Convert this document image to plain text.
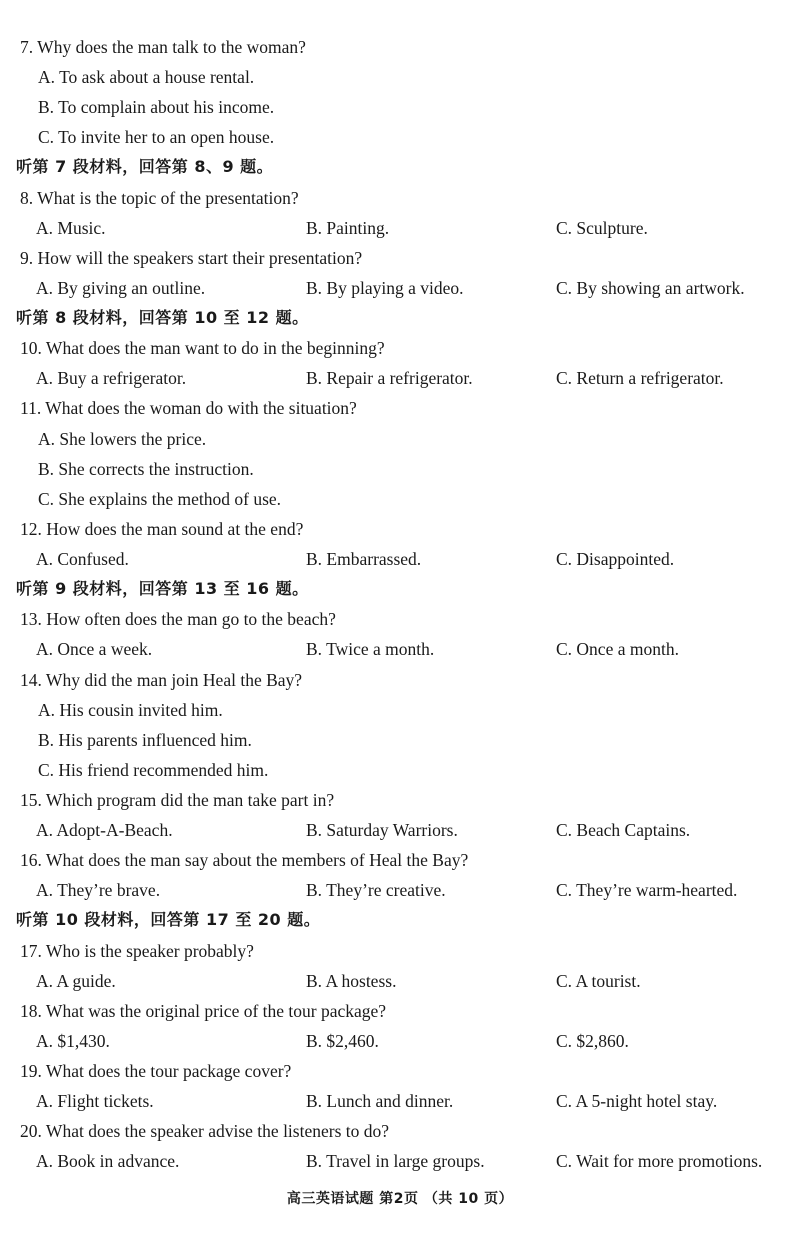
7. Why does the man talk to the woman?
A. To ask about a house rental.
B. To complain about his income.
C. To invite her to an open house.
听第 7 段材料，回答第 8、9 题。
8. What is the topic of the presentation?
A. Music.	B. Painting.	C. Sculpture.
9. How will the speakers start their presentation?
A. By giving an outline.	B. By playing a video.	C. By showing an artwork.
听第 8 段材料，回答第 10 至 12 题。
10. What does the man want to do in the beginning?
A. Buy a refrigerator.	B. Repair a refrigerator.	C. Return a refrigerator.
11. What does the woman do with the situation?
A. She lowers the price.
B. She corrects the instruction.
C. She explains the method of use.
12. How does the man sound at the end?
A. Confused.	B. Embarrassed.	C. Disappointed.
听第 9 段材料，回答第 13 至 16 题。
13. How often does the man go to the beach?
A. Once a week.	B. Twice a month.	C. Once a month.
14. Why did the man join Heal the Bay?
A. His cousin invited him.
B. His parents influenced him.
C. His friend recommended him.
15. Which program did the man take part in?
A. Adopt-A-Beach.	B. Saturday Warriors.	C. Beach Captains.
16. What does the man say about the members of Heal the Bay?
A. They’re brave.	B. They’re creative.	C. They’re warm-hearted.
听第 10 段材料，回答第 17 至 20 题。
17. Who is the speaker probably?
A. A guide.	B. A hostess.	C. A tourist.
18. What was the original price of the tour package?
A. $1,430.	B. $2,460.	C. $2,860.
19. What does the tour package cover?
A. Flight tickets.	B. Lunch and dinner.	C. A 5-night hotel stay.
20. What does the speaker advise the listeners to do?
A. Book in advance.	B. Travel in large groups.	C. Wait for more promotions.
高三英语试题 第2页 （共 10 页）
